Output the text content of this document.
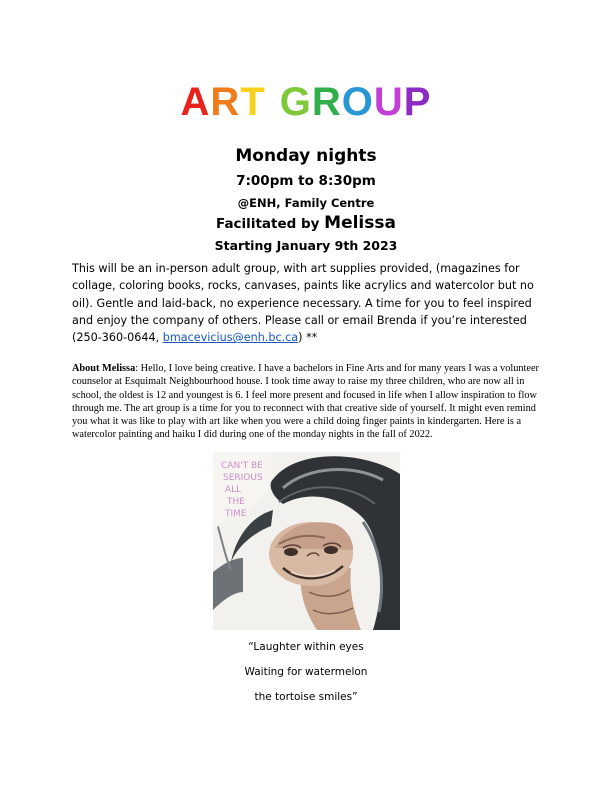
ART GROUP
Monday nights
7:00pm to 8:30pm
@ENH, Family Centre
Facilitated by Melissa
Starting January 9th 2023
This will be an in-person adult group, with art supplies provided, (magazines for collage, coloring books, rocks, canvases, paints like acrylics and watercolor but no oil). Gentle and laid-back, no experience necessary. A time for you to feel inspired and enjoy the company of others. Please call or email Brenda if you’re interested (250-360-0644, bmacevicius@enh.bc.ca) **
About Melissa: Hello, I love being creative. I have a bachelors in Fine Arts and for many years I was a volunteer counselor at Esquimalt Neighbourhood house. I took time away to raise my three children, who are now all in school, the oldest is 12 and youngest is 6. I feel more present and focused in life when I allow inspiration to flow through me. The art group is a time for you to reconnect with that creative side of yourself. It might even remind you what it was like to play with art like when you were a child doing finger paints in kindergarten. Here is a watercolor painting and haiku I did during one of the monday nights in the fall of 2022.
CAN'T BE
SERIOUS
ALL
THE
TIME
“Laughter within eyes
Waiting for watermelon
the tortoise smiles”
